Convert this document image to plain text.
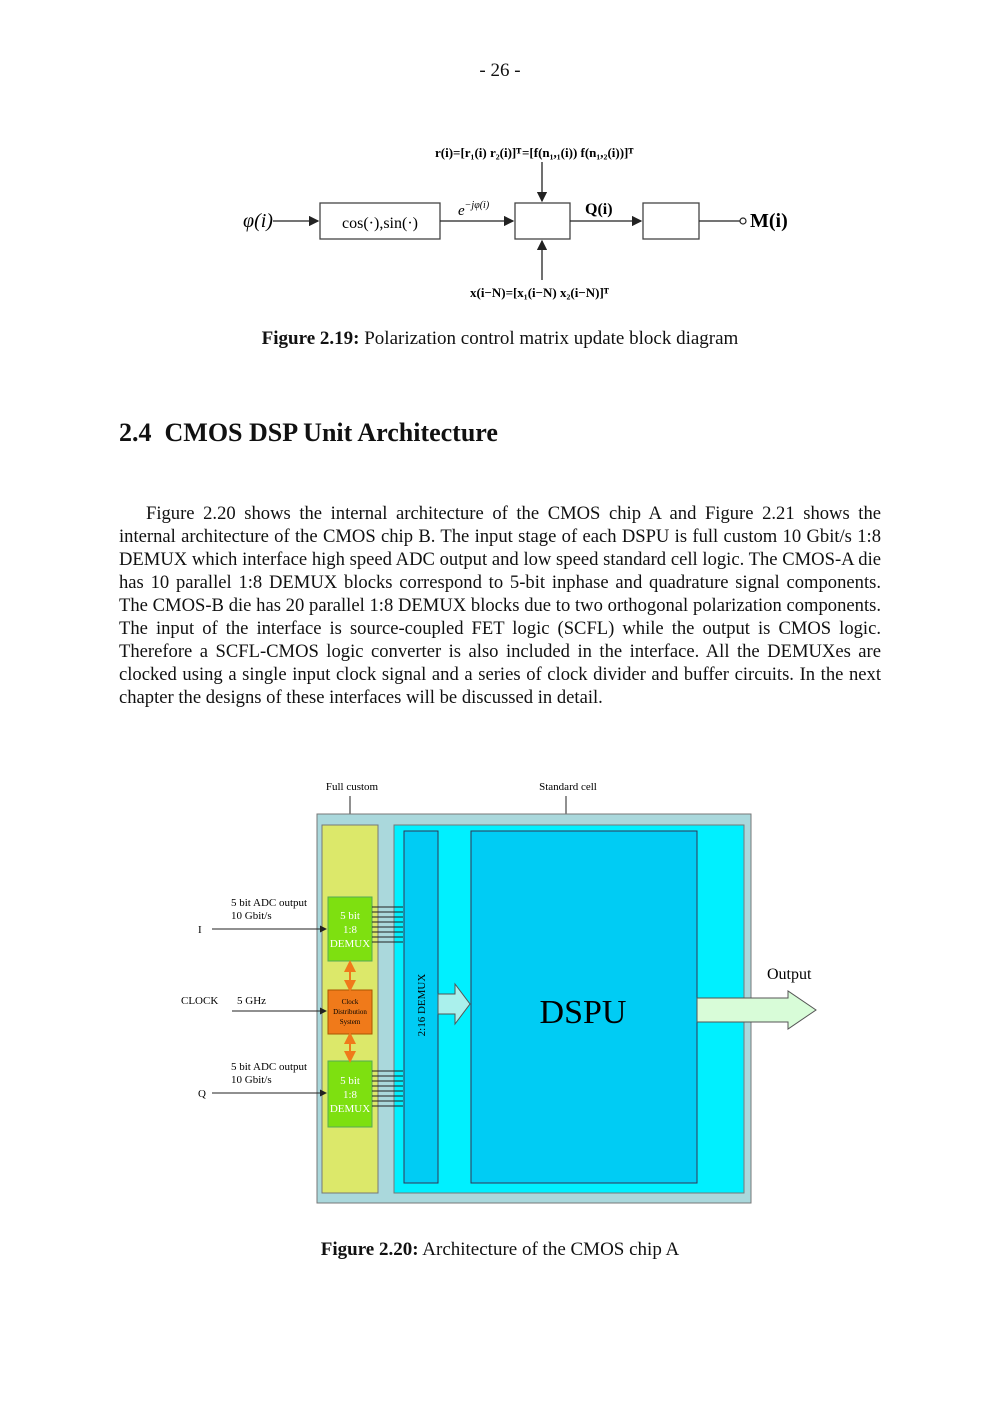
- 26 -
r(i)=[r₁(i) r₂(i)]ᵀ =[f(n₁,₁(i)) f(n₁,₂(i))]ᵀ
φ(i)	cos(·),sin(·)
$e^{-j\varphi(i)}$	Q(i)
M(i)
x(i−N)=[x₁(i−N) x₂(i−N)]ᵀ
Figure 2.19: Polarization control matrix update block diagram
2.4 CMOS DSP Unit Architecture

Figure 2.20 shows the internal architecture of the CMOS chip A and Figure 2.21 shows the internal architecture of the CMOS chip B. The input stage of each DSPU is full custom 10 Gbit/s 1:8 DEMUX which interface high speed ADC output and low speed standard cell logic. The CMOS-A die has 10 parallel 1:8 DEMUX blocks correspond to 5-bit inphase and quadrature signal components. The CMOS-B die has 20 parallel 1:8 DEMUX blocks due to two orthogonal polarization components. The input of the interface is source-coupled FET logic (SCFL) while the output is CMOS logic. Therefore a SCFL-CMOS logic converter is also included in the interface. All the DEMUXes are clocked using a single input clock signal and a series of clock divider and buffer circuits. In the next chapter the designs of these interfaces will be discussed in detail.

Full custom	Standard cell
2:16 DEMUX	DSPU
5 bit
1:8
DEMUX
5 bit
1:8
DEMUX
Clock
Distribution
System
Output
5 bit ADC output
10 Gbit/s
I
CLOCK 5 GHz
5 bit ADC output
10 Gbit/s
Q
Figure 2.20: Architecture of the CMOS chip A
